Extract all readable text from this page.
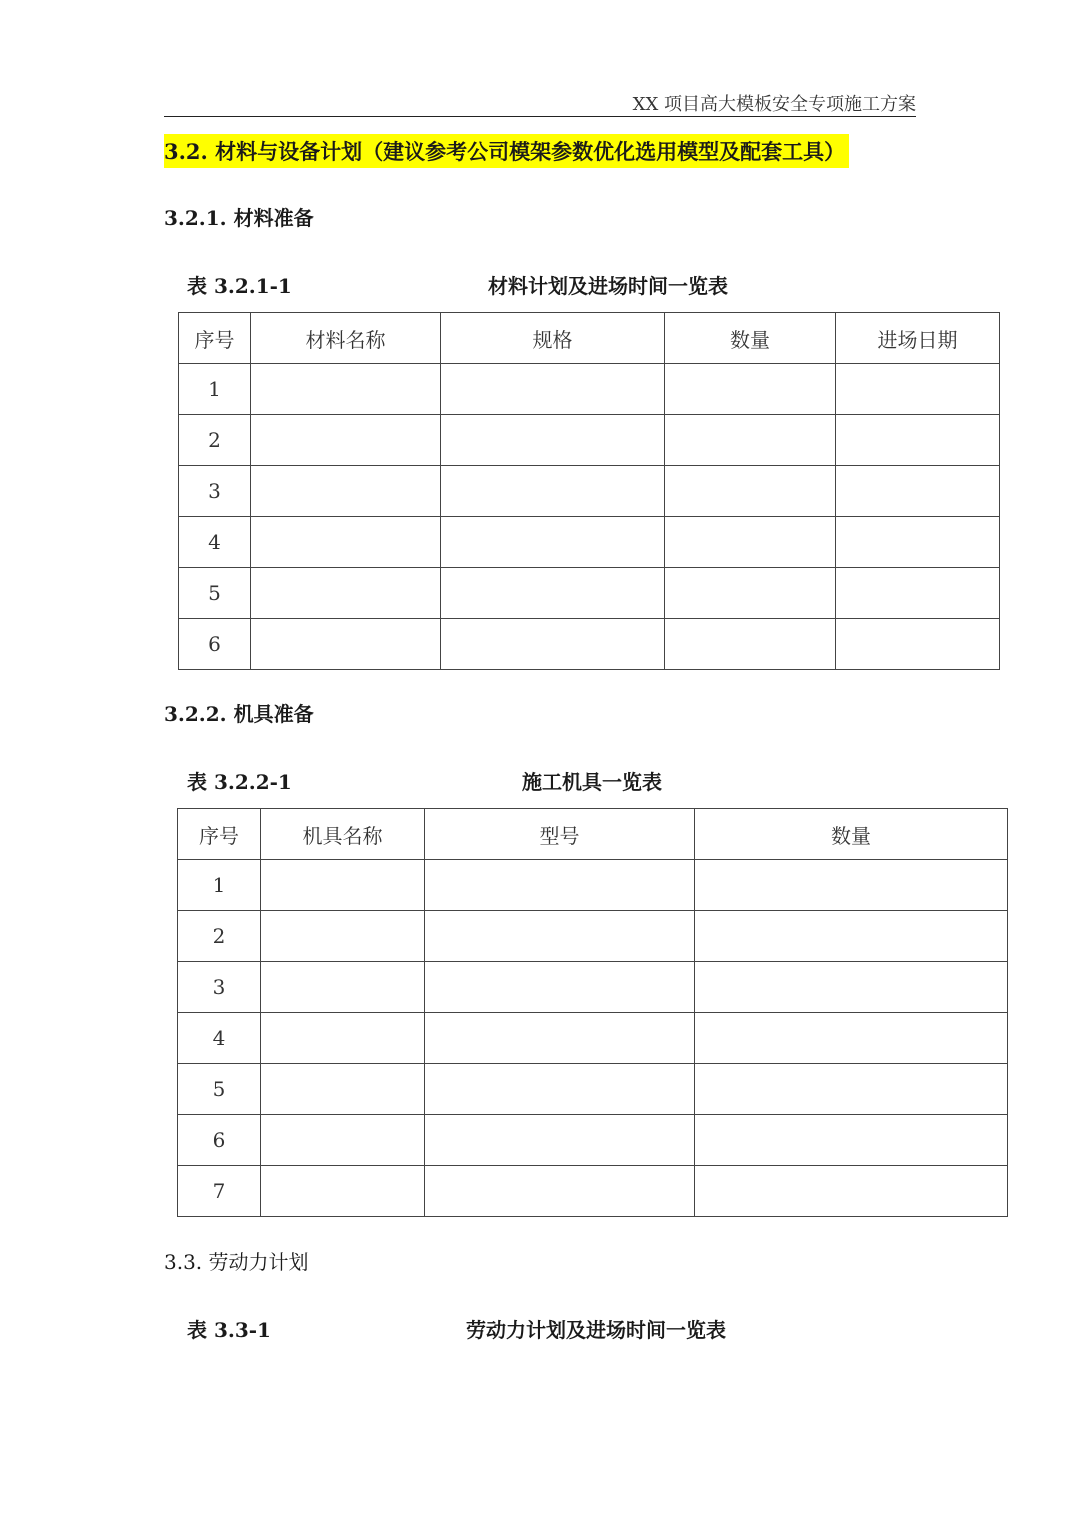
XX 项目高大模板安全专项施工方案
3.2. 材料与设备计划（建议参考公司模架参数优化选用模型及配套工具）
3.2.1. 材料准备
表 3.2.1-1	材料计划及进场时间一览表
序号	材料名称	规格	数量	进场日期
1				
2				
3				
4				
5				
6				
3.2.2. 机具准备
表 3.2.2-1	施工机具一览表
序号	机具名称	型号	数量
1			
2			
3			
4			
5			
6			
7			
3.3. 劳动力计划
表 3.3-1	劳动力计划及进场时间一览表
